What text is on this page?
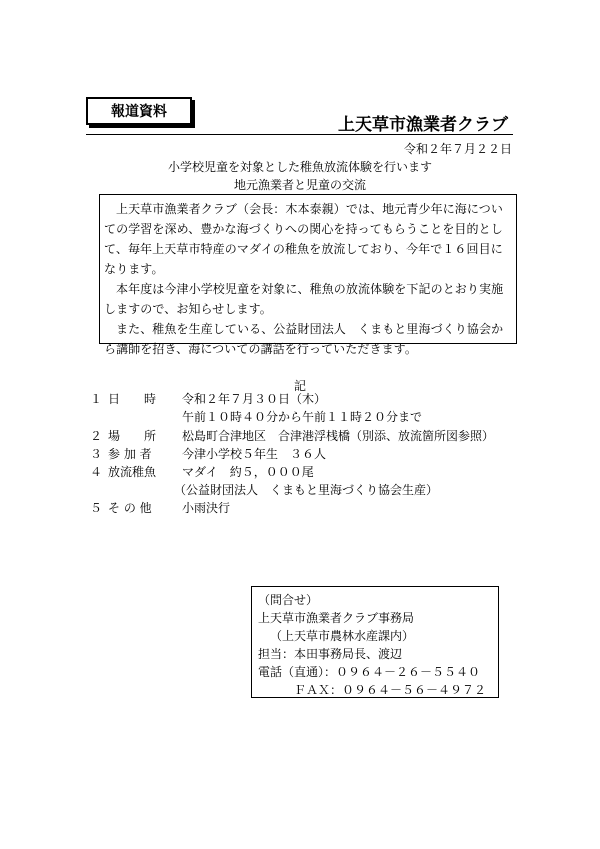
報道資料
上天草市漁業者クラブ
令和２年７月２２日
小学校児童を対象とした稚魚放流体験を行います
地元漁業者と児童の交流

上天草市漁業者クラブ（会長：木本泰親）では、地元青少年に海についての学習を深め、豊かな海づくりへの関心を持ってもらうことを目的として、毎年上天草市特産のマダイの稚魚を放流しており、今年で１６回目になります。

本年度は今津小学校児童を対象に、稚魚の放流体験を下記のとおり実施しますので、お知らせします。

また、稚魚を生産している、公益財団法人　くまもと里海づくり協会から講師を招き、海についての講話を行っていただきます。

記
１ 日　　時	令和２年７月３０日（木）
午前１０時４０分から午前１１時２０分まで
２ 場　　所	松島町合津地区　合津港浮桟橋（別添、放流箇所図参照）
３ 参 加 者	今津小学校５年生　３６人
４ 放流稚魚	マダイ　約５，０００尾
（公益財団法人　くまもと里海づくり協会生産）
５ そ の 他	小雨決行
（問合せ）
上天草市漁業者クラブ事務局
（上天草市農林水産課内）
担当：本田事務局長、渡辺
電話（直通）：０９６４－２６－５５４０
ＦＡＸ：０９６４－５６－４９７２
